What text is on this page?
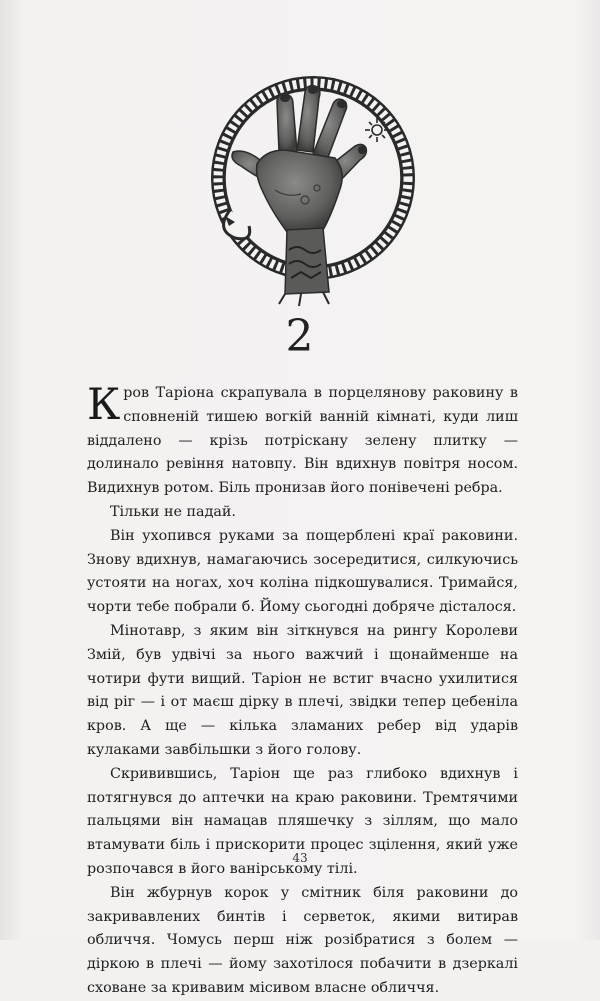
2

Кров Таріона скрапувала в порцелянову раковину в сповненій тишею вогкій ванній кімнаті, куди лиш віддалено — крізь потріскану зелену плитку — долинало ревіння натовпу. Він вдихнув повітря носом. Видихнув ротом. Біль пронизав його понівечені ребра.

Тільки не падай.

Він ухопився руками за пощерблені краї раковини. Знову вдихнув, намагаючись зосередитися, силкуючись устояти на ногах, хоч коліна підкошувалися. Тримайся, чорти тебе побрали б. Йому сьогодні добряче дісталося.

Мінотавр, з яким він зіткнувся на рингу Королеви Змій, був удвічі за нього важчий і щонайменше на чотири фути вищий. Таріон не встиг вчасно ухилитися від ріг — і от маєш дірку в плечі, звідки тепер цебеніла кров. А ще — кілька зламаних ребер від ударів кулаками завбільшки з його голову.

Скривившись, Таріон ще раз глибоко вдихнув і потягнувся до аптечки на краю раковини. Тремтячими пальцями він намацав пляшечку з зіллям, що мало втамувати біль і прискорити процес зцілення, який уже розпочався в його ванірському тілі.

Він жбурнув корок у смітник біля раковини до закривавлених бинтів і серветок, якими витирав обличчя. Чомусь перш ніж розібратися з болем — діркою в плечі — йому захотілося побачити в дзеркалі сховане за кривавим місивом власне обличчя.

43
